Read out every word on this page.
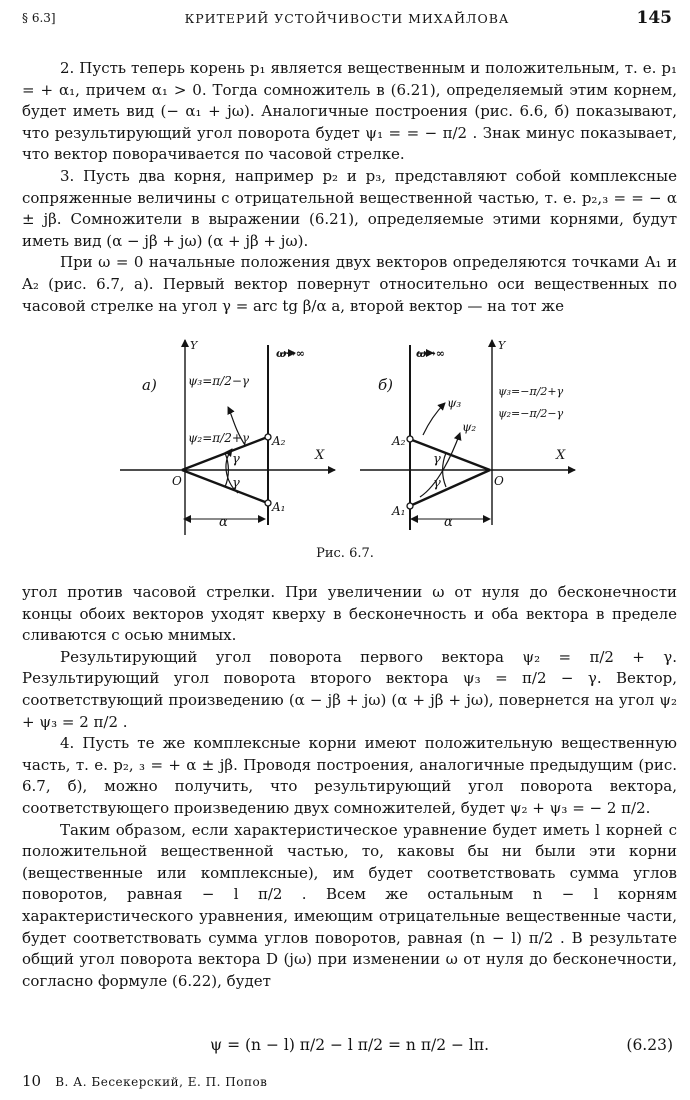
§ 6.3]	КРИТЕРИЙ УСТОЙЧИВОСТИ МИХАЙЛОВА	145

2. Пусть теперь корень p₁ является вещественным и положительным, т. е. p₁ = + α₁, причем α₁ > 0. Тогда сомножитель в (6.21), определяемый этим корнем, будет иметь вид (− α₁ + jω). Аналогичные построения (рис. 6.6, б) показывают, что результирующий угол поворота будет ψ₁ = = − π/2 . Знак минус показывает, что вектор поворачивается по часовой стрелке.

3. Пусть два корня, например p₂ и p₃, представляют собой комплексные сопряженные величины с отрицательной вещественной частью, т. е. p₂,₃ = = − α ± jβ. Сомножители в выражении (6.21), определяемые этими корнями, будут иметь вид (α − jβ + jω) (α + jβ + jω).

При ω = 0 начальные положения двух векторов определяются точками A₁ и A₂ (рис. 6.7, а). Первый вектор повернут относительно оси вещественных по часовой стрелке на угол γ = arc tg β/α а, второй вектор — на тот же

а)
Y
X
O
ω→∞
ψ₃=π/2−γ
ψ₂=π/2+γ
γ
γ
A₂
A₁
α
б)
Y
X
O
ω→∞
ψ₃=−π/2+γ
ψ₂=−π/2−γ
ψ₃
ψ₂
γ
γ
A₂
A₁
α
Рис. 6.7.

угол против часовой стрелки. При увеличении ω от нуля до бесконечности концы обоих векторов уходят кверху в бесконечность и оба вектора в пределе сливаются с осью мнимых.

Результирующий угол поворота первого вектора ψ₂ = π/2 + γ. Результирующий угол поворота второго вектора ψ₃ = π/2 − γ. Вектор, соответствующий произведению (α − jβ + jω) (α + jβ + jω), повернется на угол ψ₂ + ψ₃ = 2 π/2 .

4. Пусть те же комплексные корни имеют положительную вещественную часть, т. е. p₂, ₃ = + α ± jβ. Проводя построения, аналогичные предыдущим (рис. 6.7, б), можно получить, что результирующий угол поворота вектора, соответствующего произведению двух сомножителей, будет ψ₂ + ψ₃ = − 2 π/2.

Таким образом, если характеристическое уравнение будет иметь l корней с положительной вещественной частью, то, каковы бы ни были эти корни (вещественные или комплексные), им будет соответствовать сумма углов поворотов, равная − l π/2 . Всем же остальным n − l корням характеристического уравнения, имеющим отрицательные вещественные части, будет соответствовать сумма углов поворотов, равная (n − l) π/2 . В результате общий угол поворота вектора D (jω) при изменении ω от нуля до бесконечности, согласно формуле (6.22), будет

ψ = (n − l) π/2 − l π/2 = n π/2 − lπ.	(6.23)
10 В. А. Бесекерский, Е. П. Попов
